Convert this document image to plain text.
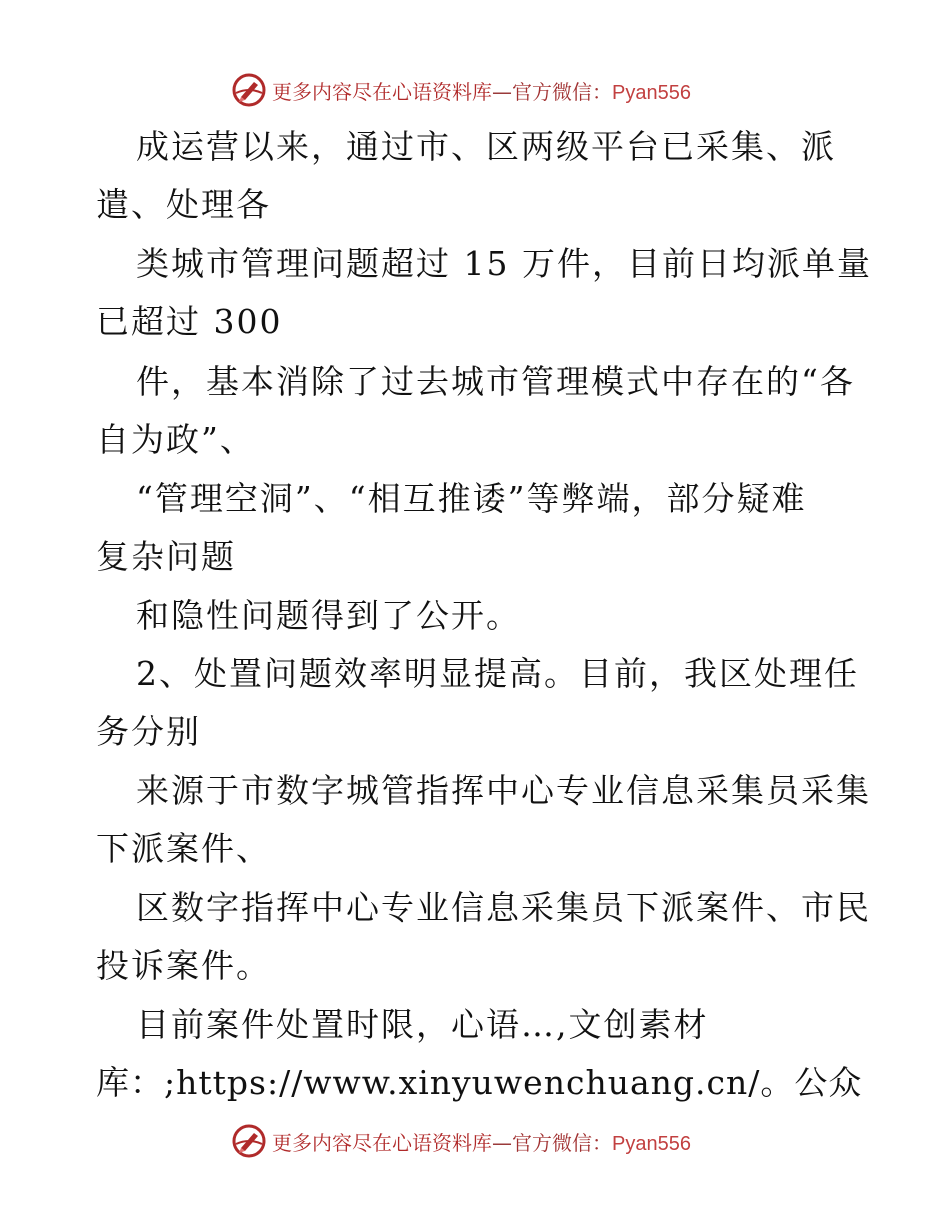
更多内容尽在心语资料库—官方微信：Pyan556
成运营以来，通过市、区两级平台已采集、派
遣、处理各
类城市管理问题超过 15 万件，目前日均派单量
已超过 300
件，基本消除了过去城市管理模式中存在的“各
自为政”、
“管理空洞”、“相互推诿”等弊端，部分疑难
复杂问题
和隐性问题得到了公开。
2、处置问题效率明显提高。目前，我区处理任
务分别
来源于市数字城管指挥中心专业信息采集员采集
下派案件、
区数字指挥中心专业信息采集员下派案件、市民
投诉案件。
目前案件处置时限，心语…,文创素材
库：;https://www.xinyuwenchuang.cn/。公众
更多内容尽在心语资料库—官方微信：Pyan556
